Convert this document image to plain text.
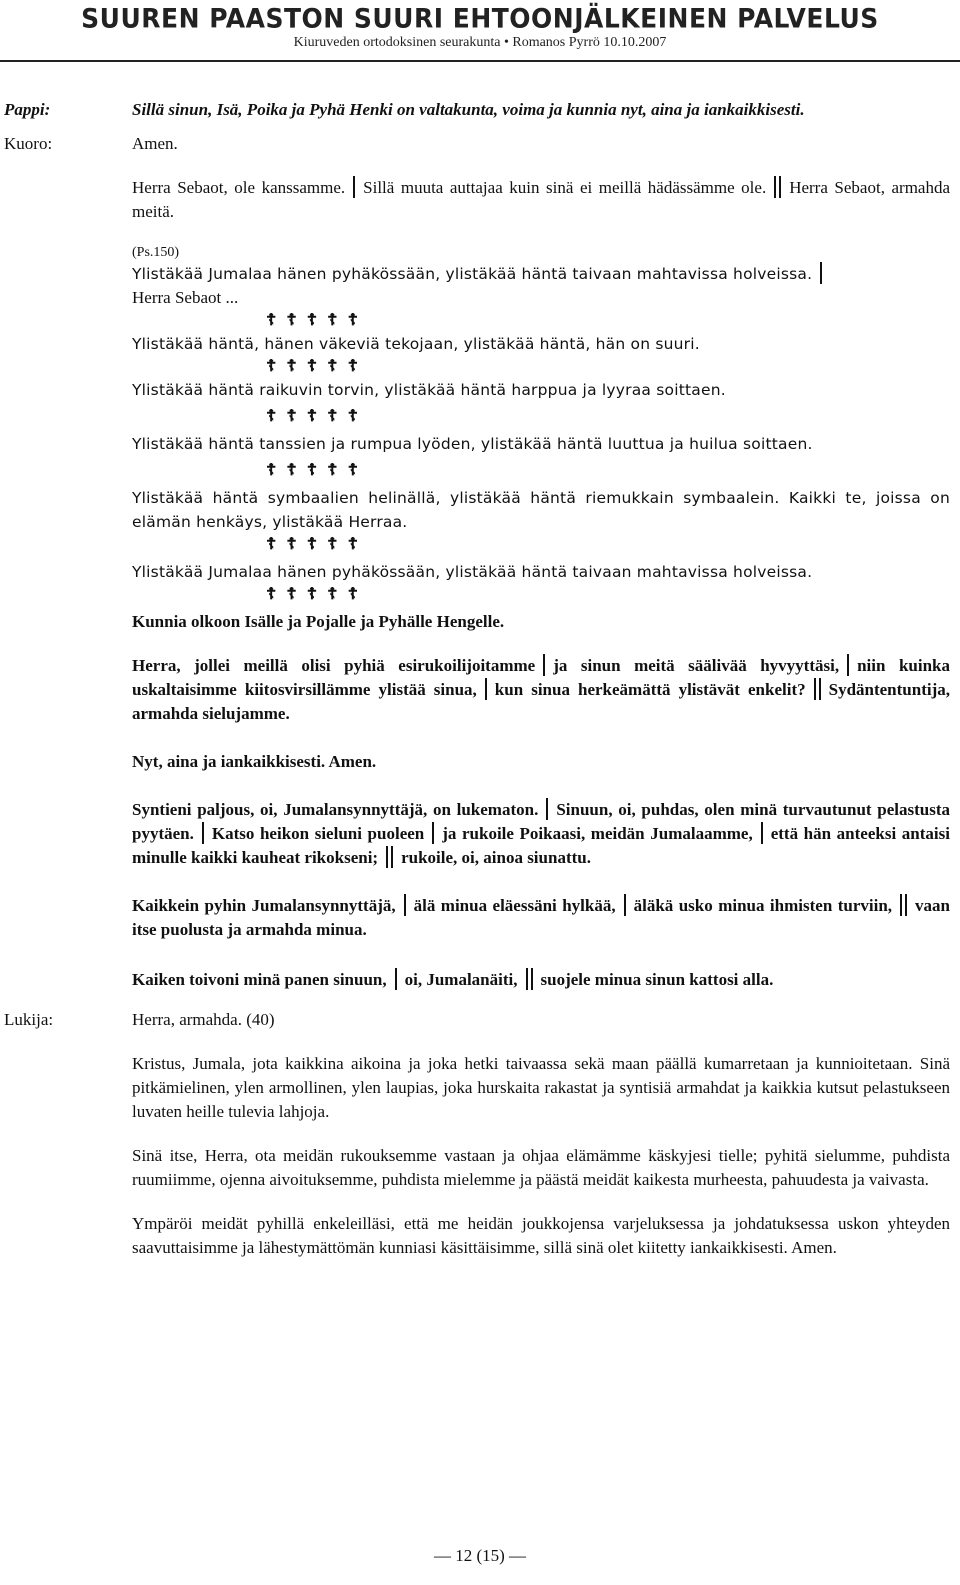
SUUREN PAASTON SUURI EHTOONJÄLKEINEN PALVELUS
Kiuruveden ortodoksinen seurakunta • Romanos Pyrrö 10.10.2007
Pappi:	Sillä sinun, Isä, Poika ja Pyhä Henki on valtakunta, voima ja kunnia nyt, aina ja iankaikkisesti.
Kuoro:	Amen.
Herra Sebaot, ole kanssamme. Sillä muuta auttajaa kuin sinä ei meillä hädässämme ole. Herra Sebaot, armahda meitä.
(Ps.150)
Ylistäkää Jumalaa hänen pyhäkössään, ylistäkää häntä taivaan mahtavissa holveissa.
Herra Sebaot ...
☦☦☦☦☦
Ylistäkää häntä, hänen väkeviä tekojaan, ylistäkää häntä, hän on suuri.
☦☦☦☦☦
Ylistäkää häntä raikuvin torvin, ylistäkää häntä harppua ja lyyraa soittaen.
☦☦☦☦☦
Ylistäkää häntä tanssien ja rumpua lyöden, ylistäkää häntä luuttua ja huilua soittaen.
☦☦☦☦☦
Ylistäkää häntä symbaalien helinällä, ylistäkää häntä riemukkain symbaalein. Kaikki te, joissa on elämän henkäys, ylistäkää Herraa.
☦☦☦☦☦
Ylistäkää Jumalaa hänen pyhäkössään, ylistäkää häntä taivaan mahtavissa holveissa.
☦☦☦☦☦
Kunnia olkoon Isälle ja Pojalle ja Pyhälle Hengelle.
Herra, jollei meillä olisi pyhiä esirukoilijoitamme ja sinun meitä säälivää hyvyyttäsi, niin kuinka uskaltaisimme kiitosvirsillämme ylistää sinua, kun sinua herkeämättä ylistävät enkelit? Sydäntentuntija, armahda sielujamme.
Nyt, aina ja iankaikkisesti. Amen.
Syntieni paljous, oi, Jumalansynnyttäjä, on lukematon. Sinuun, oi, puhdas, olen minä turvautunut pelastusta pyytäen. Katso heikon sieluni puoleen ja rukoile Poikaasi, meidän Jumalaamme, että hän anteeksi antaisi minulle kaikki kauheat rikokseni; rukoile, oi, ainoa siunattu.
Kaikkein pyhin Jumalansynnyttäjä, älä minua eläessäni hylkää, äläkä usko minua ihmisten turviin, vaan itse puolusta ja armahda minua.
Kaiken toivoni minä panen sinuun, oi, Jumalanäiti, suojele minua sinun kattosi alla.
Lukija:	Herra, armahda. (40)
Kristus, Jumala, jota kaikkina aikoina ja joka hetki taivaassa sekä maan päällä kumarretaan ja kunnioitetaan. Sinä pitkämielinen, ylen armollinen, ylen laupias, joka hurskaita rakastat ja syntisiä armahdat ja kaikkia kutsut pelastukseen luvaten heille tulevia lahjoja.
Sinä itse, Herra, ota meidän rukouksemme vastaan ja ohjaa elämämme käskyjesi tielle; pyhitä sielumme, puhdista ruumiimme, ojenna aivoituksemme, puhdista mielemme ja päästä meidät kaikesta murheesta, pahuudesta ja vaivasta.
Ympäröi meidät pyhillä enkeleilläsi, että me heidän joukkojensa varjeluksessa ja johdatuksessa uskon yhteyden saavuttaisimme ja lähestymättömän kunniasi käsittäisimme, sillä sinä olet kiitetty iankaikkisesti. Amen.
— 12 (15) —
